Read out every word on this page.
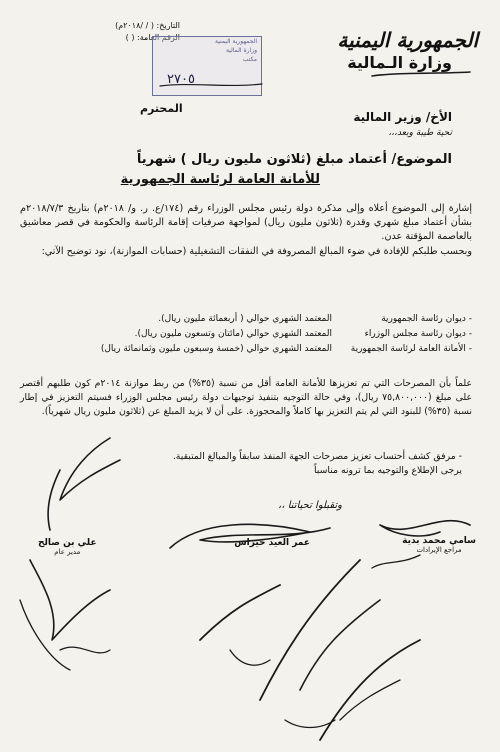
الجمهورية اليمنية
وزارة الـمالية
التاريخ: ( / /٢٠١٨م)
الرقم العامة: ( )	الجمهورية اليمنية
وزارة المالية
مكتب
٢٧٠٥
الأخ/ وزير المالية
المحترم
تحية طيبة وبعد،،،
الموضوع/ أعتماد مبلغ (ثلاثون مليون ريال ) شهرياً
للأمانة العامة لرئاسة الجمهورية

إشارة إلى الموضوع أعلاه وإلى مذكرة دولة رئيس مجلس الوزراء رقم (١٧٤/ع. ر. و/ ٢٠١٨م) بتاريخ ٢٠١٨/٧/٣م بشأن أعتماد مبلغ شهري وقدرة (ثلاثون مليون ريال) لمواجهة صرفيات إقامة الرئاسة والحكومة في قصر معاشيق بالعاصمة المؤقتة عدن.

وبحسب طلبكم للإفادة في ضوء المبالغ المصروفة في النفقات التشغيلية (حسابات الموازنة)، نود توضيح الآتي:

- ديوان رئاسة الجمهورية
المعتمد الشهري حوالي ( أربعمائة مليون ريال).
- ديوان رئاسة مجلس الوزراء
المعتمد الشهري حوالي (مائتان وتسعون مليون ريال).
- الأمانة العامة لرئاسة الجمهورية
المعتمد الشهري حوالي (خمسة وسبعون مليون وثمانمائة ريال)

علماً بأن المصرحات التي تم تعزيزها للأمانة العامة أقل من نسبة (٣٥%) من ربط موازنة ٢٠١٤م كون طلبهم أقتصر على مبلغ (٧٥,٨٠٠,٠٠٠ ريال)، وفي حالة التوجيه بتنفيذ توجيهات دولة رئيس مجلس الوزراء فسيتم التعزيز في إطار نسبة (٣٥%) للبنود التي لم يتم التعزيز بها كاملاً والمحجوزة. على أن لا يزيد المبلغ عن (ثلاثون مليون ريال شهرياً).

- مرفق كشف أحتساب تعزيز مصرحات الجهة المنفذ سابقاً والمبالغ المتبقية.
يرجى الإطلاع والتوجيه بما ترونه مناسباً
وتقبلوا تحياتنا ،،
سامي محمد بدية
مراجع الإيرادات
عمر العيد حيراس
علي بن صالح
مدير عام
